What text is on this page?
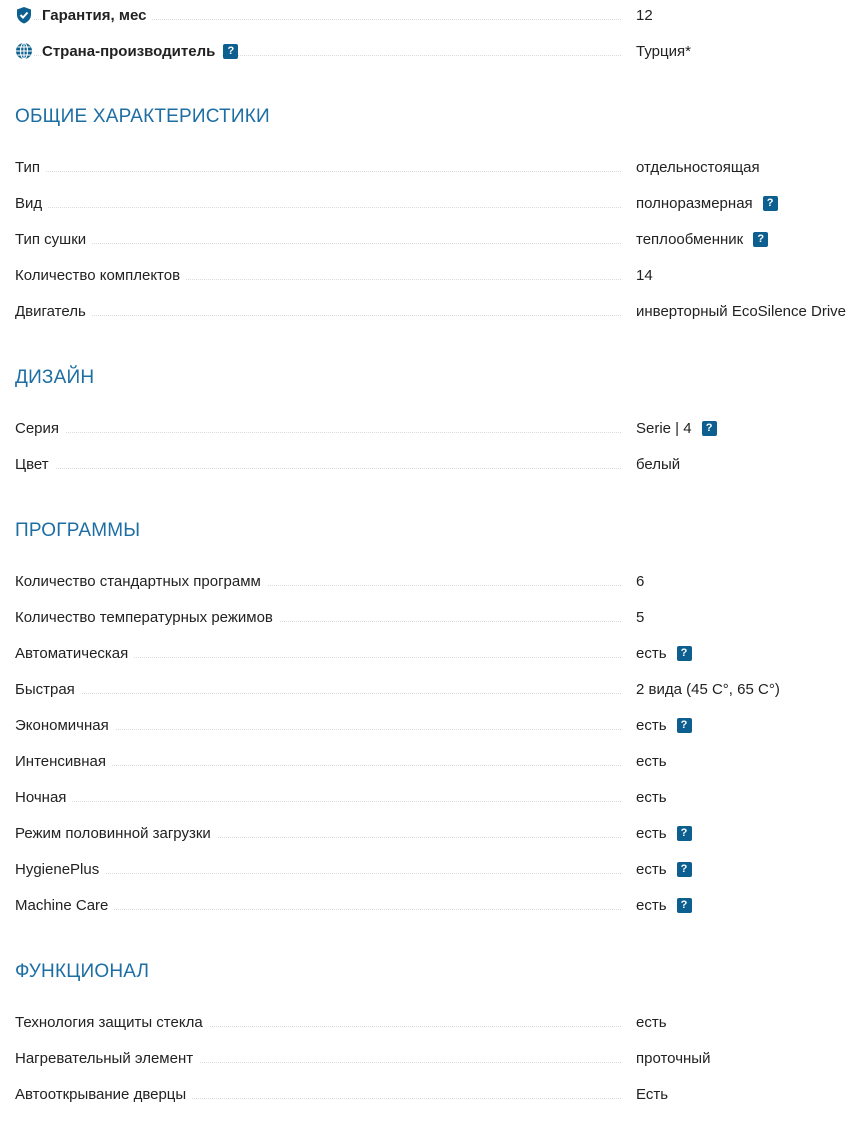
Гарантия, мес	12
Страна-производитель	?	Турция*
ОБЩИЕ ХАРАКТЕРИСТИКИ
Тип	отдельностоящая
Вид	полноразмерная	?
Тип сушки	теплообменник	?
Количество комплектов	14
Двигатель	инверторный EcoSilence Drive
ДИЗАЙН
Серия	Serie | 4	?
Цвет	белый
ПРОГРАММЫ
Количество стандартных программ	6
Количество температурных режимов	5
Автоматическая	есть	?
Быстрая	2 вида (45 C°, 65 C°)
Экономичная	есть	?
Интенсивная	есть
Ночная	есть
Режим половинной загрузки	есть	?
HygienePlus	есть	?
Machine Care	есть	?
ФУНКЦИОНАЛ
Технология защиты стекла	есть
Нагревательный элемент	проточный
Автооткрывание дверцы	Есть
